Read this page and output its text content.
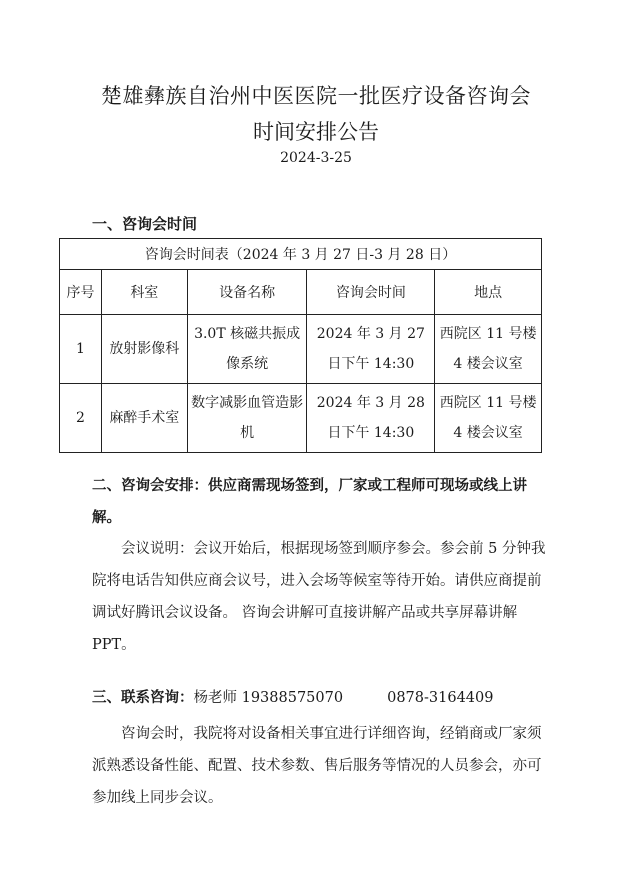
楚雄彝族自治州中医医院一批医疗设备咨询会
时间安排公告
2024-3-25
一、咨询会时间
咨询会时间表（2024 年 3 月 27 日-3 月 28 日）				
序号	科室	设备名称	咨询会时间	地点
1	放射影像科	3.0T 核磁共振成像系统	2024 年 3 月 27 日下午 14:30	西院区 11 号楼 4 楼会议室
2	麻醉手术室	数字减影血管造影机	2024 年 3 月 28 日下午 14:30	西院区 11 号楼 4 楼会议室
二、咨询会安排：供应商需现场签到，厂家或工程师可现场或线上讲解。
会议说明：会议开始后，根据现场签到顺序参会。参会前 5 分钟我院将电话告知供应商会议号，进入会场等候室等待开始。请供应商提前调试好腾讯会议设备。 咨询会讲解可直接讲解产品或共享屏幕讲解 PPT。
三、联系咨询：杨老师 19388575070	0878-3164409
咨询会时，我院将对设备相关事宜进行详细咨询，经销商或厂家须派熟悉设备性能、配置、技术参数、售后服务等情况的人员参会，亦可参加线上同步会议。
